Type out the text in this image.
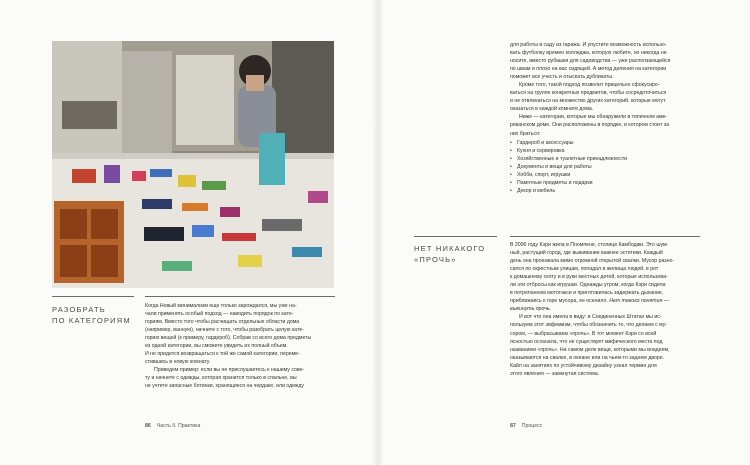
РАЗОБРАТЬ
ПО КАТЕГОРИЯМ

Когда Новый минимализм еще только зарождался, мы уже на-

чали применять особый подход — наводить порядок по кате-

гориям. Вместо того чтобы расчищать отдельные области дома

(например, ванную), начните с того, чтобы разобрать целую кате-

горию вещей (к примеру, гардероб). Собрав со всего дома предметы

из одной категории, вы сможете увидеть их полный объем.

И не придется возвращаться к той же самой категории, переме-

стившись в новую комнату.

Приведем пример: если вы не прислушаетесь к нашему сове-

ту и начнете с одежды, которая хранится только в спальне, вы

не учтете запасные ботинки, хранящиеся на чердаке, или одежду

86 Часть II. Практика

для работы в саду из гаража. И упустите возможность использо-

вать футболку времен колледжа, которую любите, но никогда не

носите, вместо рубашки для садоводства — уже расползающейся

по швам и плохо на вас сидящей. А метод деления на категории

поможет все учесть и отыскать дубликаты.

Кроме того, такой подход позволит прицельно сфокусиро-

ваться на группе конкретных предметов, чтобы сосредоточиться

и не отвлекаться на множество других категорий, которые могут

оказаться в каждой комнате дома.

Ниже — категории, которые мы обнаружили в типичном аме-

риканском доме. Они расположены в порядке, в котором стоит за

них браться:

• Гардероб и аксессуары
• Кухня и сервировка
• Хозяйственные и туалетные принадлежности
• Документы и вещи для работы
• Хобби, спорт, игрушки
• Памятные предметы и подарки
• Декор и мебель
НЕТ НИКАКОГО
«ПРОЧЬ»

В 2006 году Кэри жила в Пномпене, столице Камбоджи. Это шум-

ный, растущий город, где выживание важнее эстетики. Каждый

день она проезжала мимо огромной открытой свалки. Мусор разно-

сился по окрестным улицам, попадал в жилища людей, в рот

к домашнему скоту и в руки местных детей, которые использова-

ли эти отбросы как игрушки. Однажды утром, когда Кэри сидела

в потрепанном мототакси и приготовилась задержать дыхание,

приближаясь к горе мусора, ее осенило. Нет такого понятия —

выкинуть прочь.

И вот что она имела в виду: в Соединенных Штатах мы ис-

пользуем этот эвфемизм, чтобы обозначить то, что делаем с му-

сором, — выбрасываем «прочь». В тот момент Кэри со всей

ясностью осознала, что не существует мифического места под

названием «прочь». На самом деле вещи, которыми мы владеем,

оказываются на свалке, в океане или на чьем-то заднем дворе.

Кайл на занятиях по устойчивому дизайну узнал термин для

этого явления — замкнутая система.

87 Процесс
